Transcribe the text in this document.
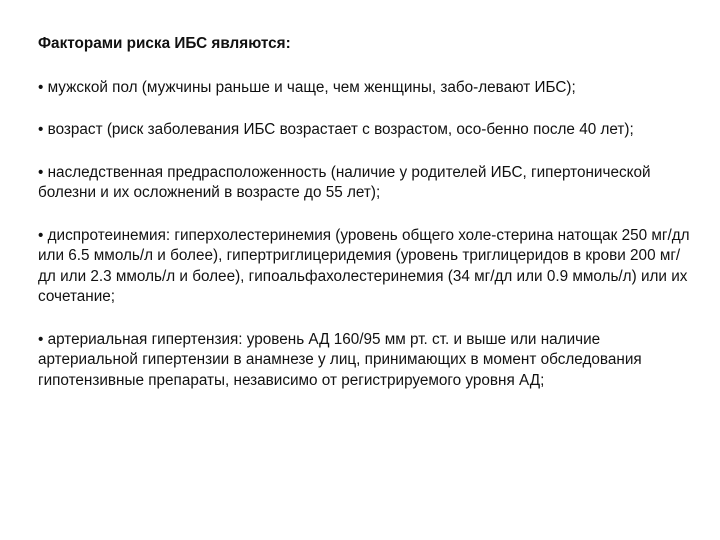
Факторами риска ИБС являются:

• мужской пол (мужчины раньше и чаще, чем женщины, забо-левают ИБС);

• возраст (риск заболевания ИБС возрастает с возрастом, осо-бенно после 40 лет);

• наследственная предрасположенность (наличие у родителей ИБС, гипертонической болезни и их осложнений в возрасте до 55 лет);

• диспротеинемия: гиперхолестеринемия (уровень общего холе-стерина натощак 250 мг/дл или 6.5 ммоль/л и более), гипертриглицеридемия (уровень триглицеридов в крови 200 мг/дл или 2.3 ммоль/л и более), гипоальфахолестеринемия (34 мг/дл или 0.9 ммоль/л) или их сочетание;

• артериальная гипертензия: уровень АД 160/95 мм рт. ст. и выше или наличие артериальной гипертензии в анамнезе у лиц, принимающих в момент обследования гипотензивные препараты, независимо от регистрируемого уровня АД;
